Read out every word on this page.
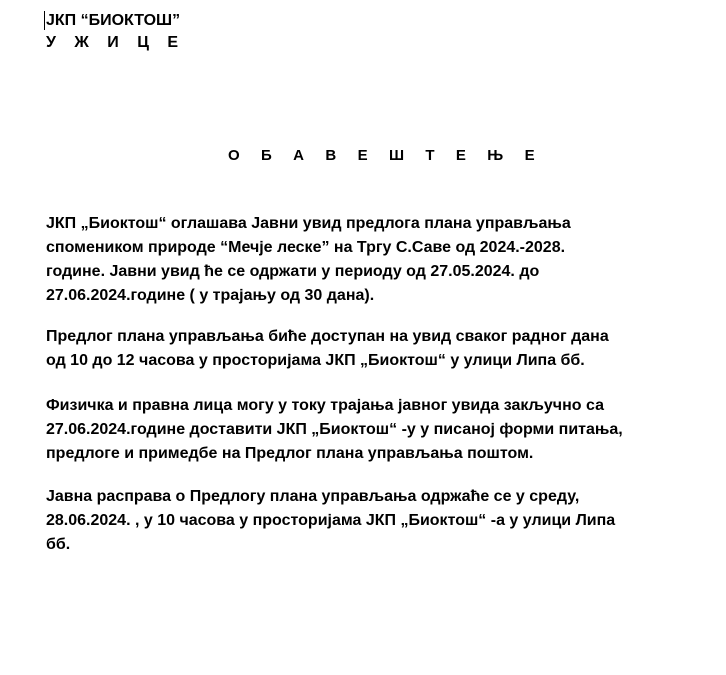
ЈКП “БИОКТОШ”
У Ж И Ц Е
О Б А В Е Ш Т Е Њ Е

ЈКП „Биоктош“ оглашава Јавни увид предлога плана управљања
спомеником природе “Мечје леске” на Тргу С.Саве од 2024.-2028.
године. Јавни увид ће се одржати у периоду од 27.05.2024. до
27.06.2024.године ( у трајању од 30 дана).

Предлог плана управљања биће доступан на увид сваког радног дана
од 10 до 12 часова у просторијама ЈКП „Биоктош“ у улици Липа бб.

Физичка и правна лица могу у току трајања јавног увида закључно са
27.06.2024.године доставити ЈКП „Биоктош“ -у у писаној форми питања,
предлоге и примедбе на Предлог плана управљања поштом.

Јавна расправа о Предлогу плана управљања одржаће се у среду,
28.06.2024. , у 10 часова у просторијама ЈКП „Биоктош“ -а у улици Липа
бб.
